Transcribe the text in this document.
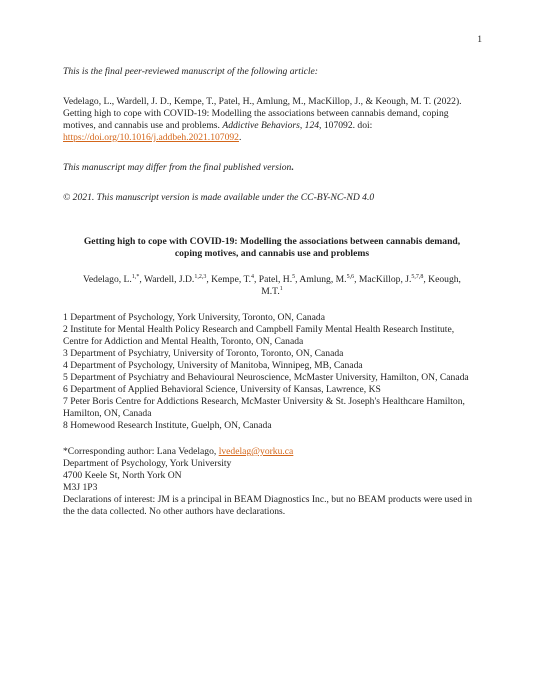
1

This is the final peer-reviewed manuscript of the following article:

Vedelago, L., Wardell, J. D., Kempe, T., Patel, H., Amlung, M., MacKillop, J., & Keough, M. T. (2022). Getting high to cope with COVID-19: Modelling the associations between cannabis demand, coping motives, and cannabis use and problems. Addictive Behaviors, 124, 107092. doi: https://doi.org/10.1016/j.addbeh.2021.107092.

This manuscript may differ from the final published version.

© 2021. This manuscript version is made available under the CC-BY-NC-ND 4.0

Getting high to cope with COVID-19: Modelling the associations between cannabis demand, coping motives, and cannabis use and problems

Vedelago, L.$^{1,*}$, Wardell, J.D.$^{1,2,3}$, Kempe, T.$^4$, Patel, H.$^5$, Amlung, M.$^{5,6}$, MacKillop, J.$^{5,7,8}$, Keough, M.T.$^1$

1 Department of Psychology, York University, Toronto, ON, Canada

2 Institute for Mental Health Policy Research and Campbell Family Mental Health Research Institute, Centre for Addiction and Mental Health, Toronto, ON, Canada

3 Department of Psychiatry, University of Toronto, Toronto, ON, Canada

4 Department of Psychology, University of Manitoba, Winnipeg, MB, Canada

5 Department of Psychiatry and Behavioural Neuroscience, McMaster University, Hamilton, ON, Canada

6 Department of Applied Behavioral Science, University of Kansas, Lawrence, KS

7 Peter Boris Centre for Addictions Research, McMaster University & St. Joseph's Healthcare Hamilton, Hamilton, ON, Canada

8 Homewood Research Institute, Guelph, ON, Canada

*Corresponding author: Lana Vedelago, lvedelag@yorku.ca

Department of Psychology, York University

4700 Keele St, North York ON

M3J 1P3

Declarations of interest: JM is a principal in BEAM Diagnostics Inc., but no BEAM products were used in the the data collected. No other authors have declarations.
